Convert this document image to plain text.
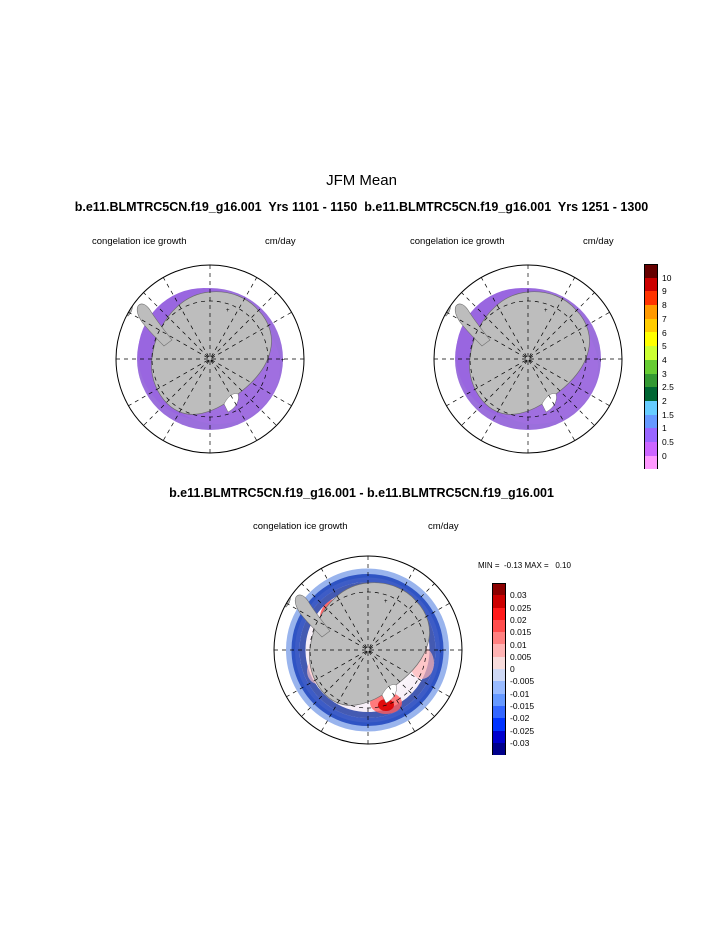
JFM Mean
b.e11.BLMTRC5CN.f19_g16.001  Yrs 1101 - 1150 b.e11.BLMTRC5CN.f19_g16.001  Yrs 1251 - 1300
congelation ice growth	cm/day
+
+
congelation ice growth	cm/day
+
+
10
9
8
7
6
5
4
3
2.5
2
1.5
1
0.5
0
b.e11.BLMTRC5CN.f19_g16.001 - b.e11.BLMTRC5CN.f19_g16.001
congelation ice growth	cm/day
+
+
MIN =  -0.13 MAX =   0.10
0.03
0.025
0.02
0.015
0.01
0.005
0
-0.005
-0.01
-0.015
-0.02
-0.025
-0.03
